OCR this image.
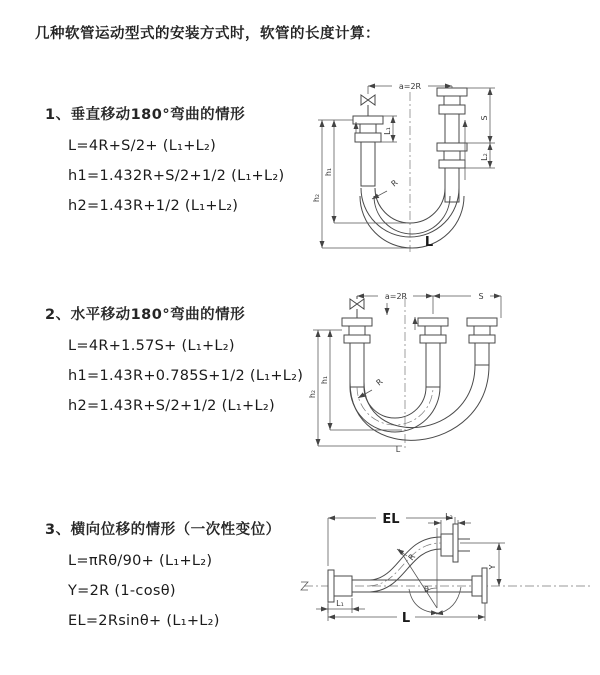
几种软管运动型式的安装方式时，软管的长度计算：
1、垂直移动180°弯曲的情形
L=4R+S/2+ (L₁+L₂)
h1=1.432R+S/2+1/2 (L₁+L₂)
h2=1.43R+1/2 (L₁+L₂)
2、水平移动180°弯曲的情形
L=4R+1.57S+ (L₁+L₂)
h1=1.43R+0.785S+1/2 (L₁+L₂)
h2=1.43R+S/2+1/2 (L₁+L₂)
3、横向位移的情形（一次性变位）
L=πRθ/90+ (L₁+L₂)
Y=2R (1-cosθ)
EL=2Rsinθ+ (L₁+L₂)
a=2R
h₁
h₂
L₁
S
L₂
R
L
a=2R	S
h₁
h₂
R
L
θ
R
EL	L₂
Y
L₁
L
